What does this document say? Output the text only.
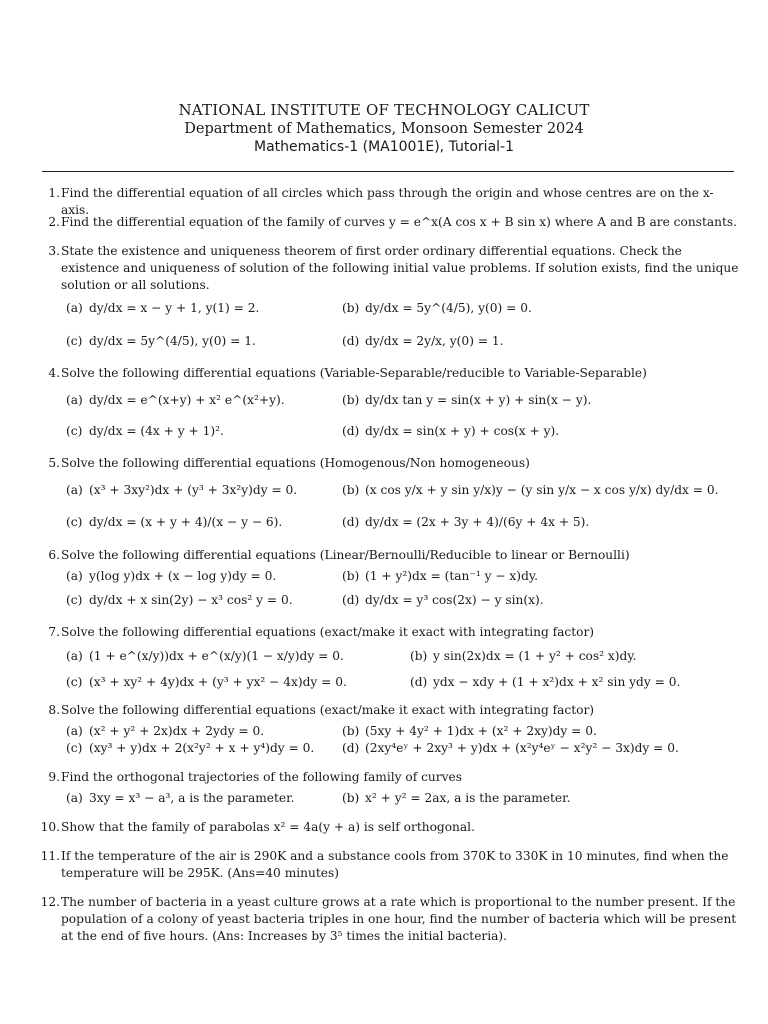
NATIONAL INSTITUTE OF TECHNOLOGY CALICUT
Department of Mathematics, Monsoon Semester 2024
Mathematics-1 (MA1001E), Tutorial-1
1. Find the differential equation of all circles which pass through the origin and whose centres are on the x-axis.
2. Find the differential equation of the family of curves y = e^x(A cos x + B sin x) where A and B are constants.
3. State the existence and uniqueness theorem of first order ordinary differential equations. Check the existence and uniqueness of solution of the following initial value problems. If solution exists, find the unique solution or all solutions.
(a) dy/dx = x − y + 1, y(1) = 2.	(b) dy/dx = 5y^(4/5), y(0) = 0.
(c) dy/dx = 5y^(4/5), y(0) = 1.	(d) dy/dx = 2y/x, y(0) = 1.
4. Solve the following differential equations (Variable-Separable/reducible to Variable-Separable)
(a) dy/dx = e^(x+y) + x² e^(x²+y).	(b) dy/dx tan y = sin(x + y) + sin(x − y).
(c) dy/dx = (4x + y + 1)².	(d) dy/dx = sin(x + y) + cos(x + y).
5. Solve the following differential equations (Homogenous/Non homogeneous)
(a) (x³ + 3xy²)dx + (y³ + 3x²y)dy = 0.	(b) (x cos y/x + y sin y/x)y − (y sin y/x − x cos y/x) dy/dx = 0.
(c) dy/dx = (x + y + 4)/(x − y − 6).	(d) dy/dx = (2x + 3y + 4)/(6y + 4x + 5).
6. Solve the following differential equations (Linear/Bernoulli/Reducible to linear or Bernoulli)
(a) y(log y)dx + (x − log y)dy = 0.	(b) (1 + y²)dx = (tan⁻¹ y − x)dy.
(c) dy/dx + x sin(2y) − x³ cos² y = 0.	(d) dy/dx = y³ cos(2x) − y sin(x).
7. Solve the following differential equations (exact/make it exact with integrating factor)
(a) (1 + e^(x/y))dx + e^(x/y)(1 − x/y)dy = 0.	(b) y sin(2x)dx = (1 + y² + cos² x)dy.
(c) (x³ + xy² + 4y)dx + (y³ + yx² − 4x)dy = 0.	(d) ydx − xdy + (1 + x²)dx + x² sin ydy = 0.
8. Solve the following differential equations (exact/make it exact with integrating factor)
(a) (x² + y² + 2x)dx + 2ydy = 0.	(b) (5xy + 4y² + 1)dx + (x² + 2xy)dy = 0.
(c) (xy³ + y)dx + 2(x²y² + x + y⁴)dy = 0. (d) (2xy⁴eʸ + 2xy³ + y)dx + (x²y⁴eʸ − x²y² − 3x)dy = 0.
9. Find the orthogonal trajectories of the following family of curves
(a) 3xy = x³ − a³, a is the parameter.	(b) x² + y² = 2ax, a is the parameter.
10. Show that the family of parabolas x² = 4a(y + a) is self orthogonal.
11. If the temperature of the air is 290K and a substance cools from 370K to 330K in 10 minutes, find when the temperature will be 295K. (Ans=40 minutes)
12. The number of bacteria in a yeast culture grows at a rate which is proportional to the number present. If the population of a colony of yeast bacteria triples in one hour, find the number of bacteria which will be present at the end of five hours. (Ans: Increases by 3⁵ times the initial bacteria).
